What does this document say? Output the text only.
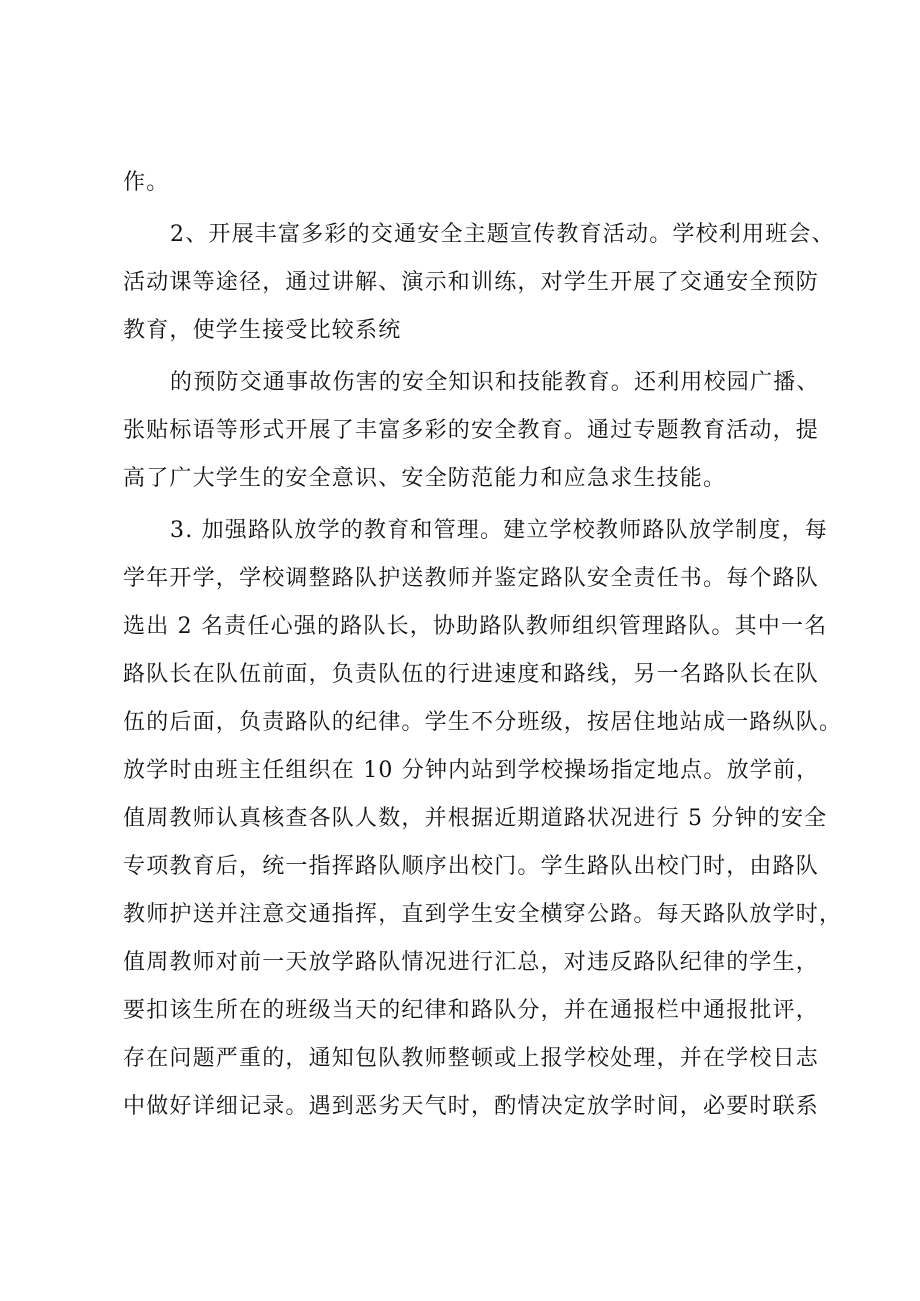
作。
2、开展丰富多彩的交通安全主题宣传教育活动。学校利用班会、
活动课等途径，通过讲解、演示和训练，对学生开展了交通安全预防
教育，使学生接受比较系统
的预防交通事故伤害的安全知识和技能教育。还利用校园广播、
张贴标语等形式开展了丰富多彩的安全教育。通过专题教育活动，提
高了广大学生的安全意识、安全防范能力和应急求生技能。
3. 加强路队放学的教育和管理。建立学校教师路队放学制度，每
学年开学，学校调整路队护送教师并鉴定路队安全责任书。每个路队
选出 2 名责任心强的路队长，协助路队教师组织管理路队。其中一名
路队长在队伍前面，负责队伍的行进速度和路线，另一名路队长在队
伍的后面，负责路队的纪律。学生不分班级，按居住地站成一路纵队。
放学时由班主任组织在 10 分钟内站到学校操场指定地点。放学前，
值周教师认真核查各队人数，并根据近期道路状况进行 5 分钟的安全
专项教育后，统一指挥路队顺序出校门。学生路队出校门时，由路队
教师护送并注意交通指挥，直到学生安全横穿公路。每天路队放学时，
值周教师对前一天放学路队情况进行汇总，对违反路队纪律的学生，
要扣该生所在的班级当天的纪律和路队分，并在通报栏中通报批评，
存在问题严重的，通知包队教师整顿或上报学校处理，并在学校日志
中做好详细记录。遇到恶劣天气时，酌情决定放学时间，必要时联系
